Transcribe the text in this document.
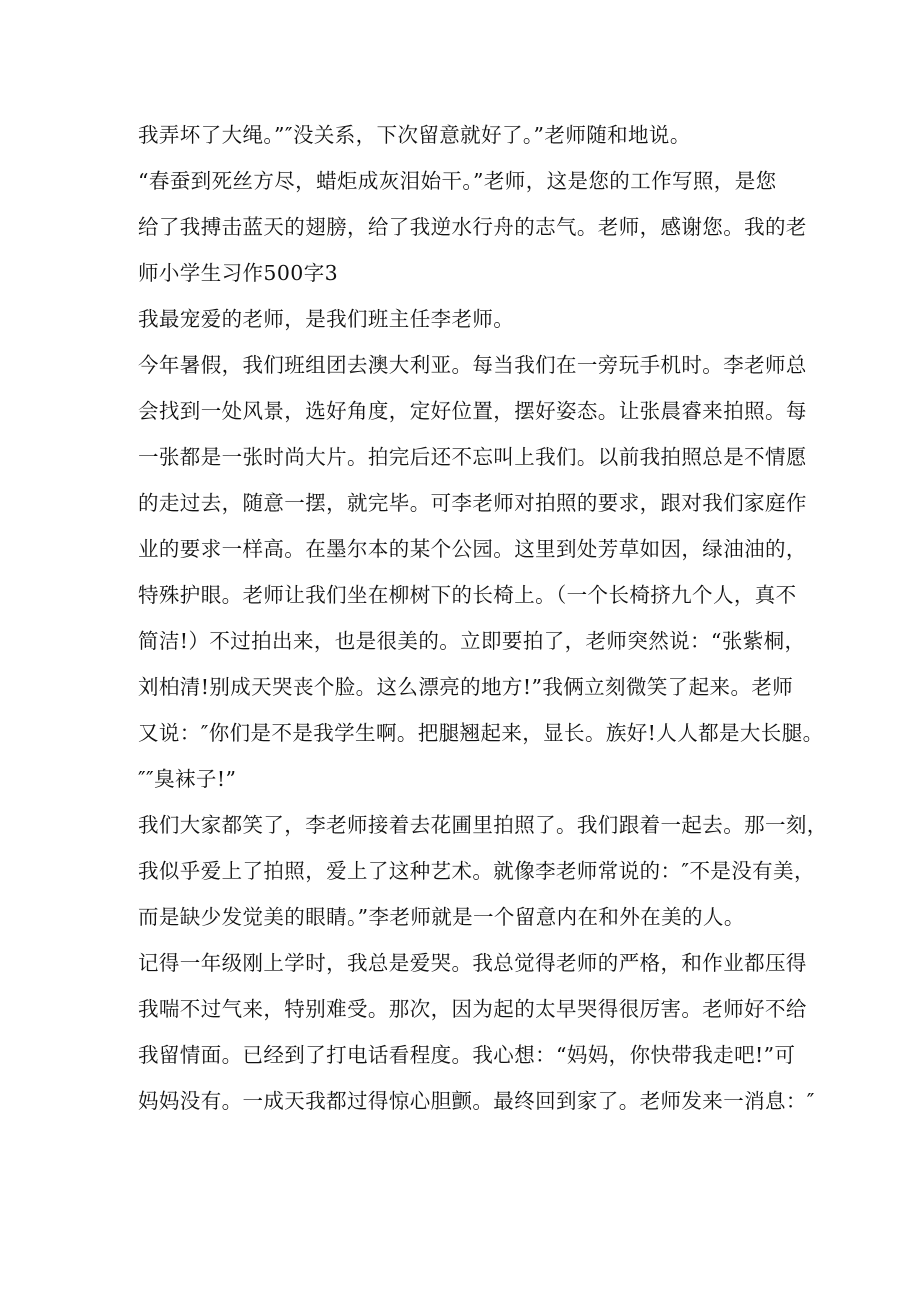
我弄坏了大绳。”″没关系，下次留意就好了。”老师随和地说。
“春蚕到死丝方尽，蜡炬成灰泪始干。”老师，这是您的工作写照，是您
给了我搏击蓝天的翅膀，给了我逆水行舟的志气。老师，感谢您。我的老
师小学生习作500字3
我最宠爱的老师，是我们班主任李老师。
今年暑假，我们班组团去澳大利亚。每当我们在一旁玩手机时。李老师总
会找到一处风景，选好角度，定好位置，摆好姿态。让张晨睿来拍照。每
一张都是一张时尚大片。拍完后还不忘叫上我们。以前我拍照总是不情愿
的走过去，随意一摆，就完毕。可李老师对拍照的要求，跟对我们家庭作
业的要求一样高。在墨尔本的某个公园。这里到处芳草如因，绿油油的，
特殊护眼。老师让我们坐在柳树下的长椅上。（一个长椅挤九个人，真不
简洁!）不过拍出来，也是很美的。立即要拍了，老师突然说：“张紫桐，
刘柏清!别成天哭丧个脸。这么漂亮的地方!”我俩立刻微笑了起来。老师
又说：″你们是不是我学生啊。把腿翘起来，显长。族好!人人都是大长腿。
″″臭袜子!”
我们大家都笑了，李老师接着去花圃里拍照了。我们跟着一起去。那一刻，
我似乎爱上了拍照，爱上了这种艺术。就像李老师常说的：″不是没有美，
而是缺少发觉美的眼睛。”李老师就是一个留意内在和外在美的人。
记得一年级刚上学时，我总是爱哭。我总觉得老师的严格，和作业都压得
我喘不过气来，特别难受。那次，因为起的太早哭得很厉害。老师好不给
我留情面。已经到了打电话看程度。我心想：“妈妈，你快带我走吧!”可
妈妈没有。一成天我都过得惊心胆颤。最终回到家了。老师发来一消息：″
